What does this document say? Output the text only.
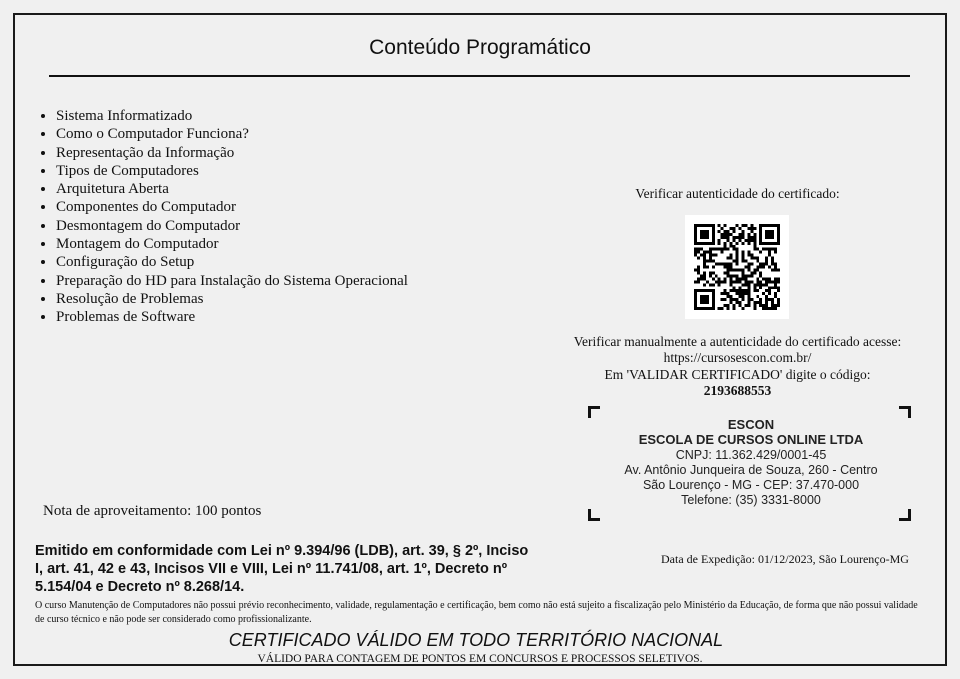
Conteúdo Programático
• Sistema Informatizado
• Como o Computador Funciona?
• Representação da Informação
• Tipos de Computadores
• Arquitetura Aberta
• Componentes do Computador
• Desmontagem do Computador
• Montagem do Computador
• Configuração do Setup
• Preparação do HD para Instalação do Sistema Operacional
• Resolução de Problemas
• Problemas de Software
Verificar autenticidade do certificado:
Verificar manualmente a autenticidade do certificado acesse:
https://cursosescon.com.br/
Em 'VALIDAR CERTIFICADO' digite o código:
2193688553
ESCON
ESCOLA DE CURSOS ONLINE LTDA
CNPJ: 11.362.429/0001-45
Av. Antônio Junqueira de Souza, 260 - Centro
São Lourenço - MG - CEP: 37.470-000
Telefone: (35) 3331-8000
Nota de aproveitamento: 100 pontos
Emitido em conformidade com Lei nº 9.394/96 (LDB), art. 39, § 2º, Inciso I, art. 41, 42 e 43, Incisos VII e VIII, Lei nº 11.741/08, art. 1º, Decreto nº 5.154/04 e Decreto nº 8.268/14.
Data de Expedição: 01/12/2023, São Lourenço-MG
O curso Manutenção de Computadores não possui prévio reconhecimento, validade, regulamentação e certificação, bem como não está sujeito a fiscalização pelo Ministério da Educação, de forma que não possui validade de curso técnico e não pode ser considerado como profissionalizante.
CERTIFICADO VÁLIDO EM TODO TERRITÓRIO NACIONAL
VÁLIDO PARA CONTAGEM DE PONTOS EM CONCURSOS E PROCESSOS SELETIVOS.
